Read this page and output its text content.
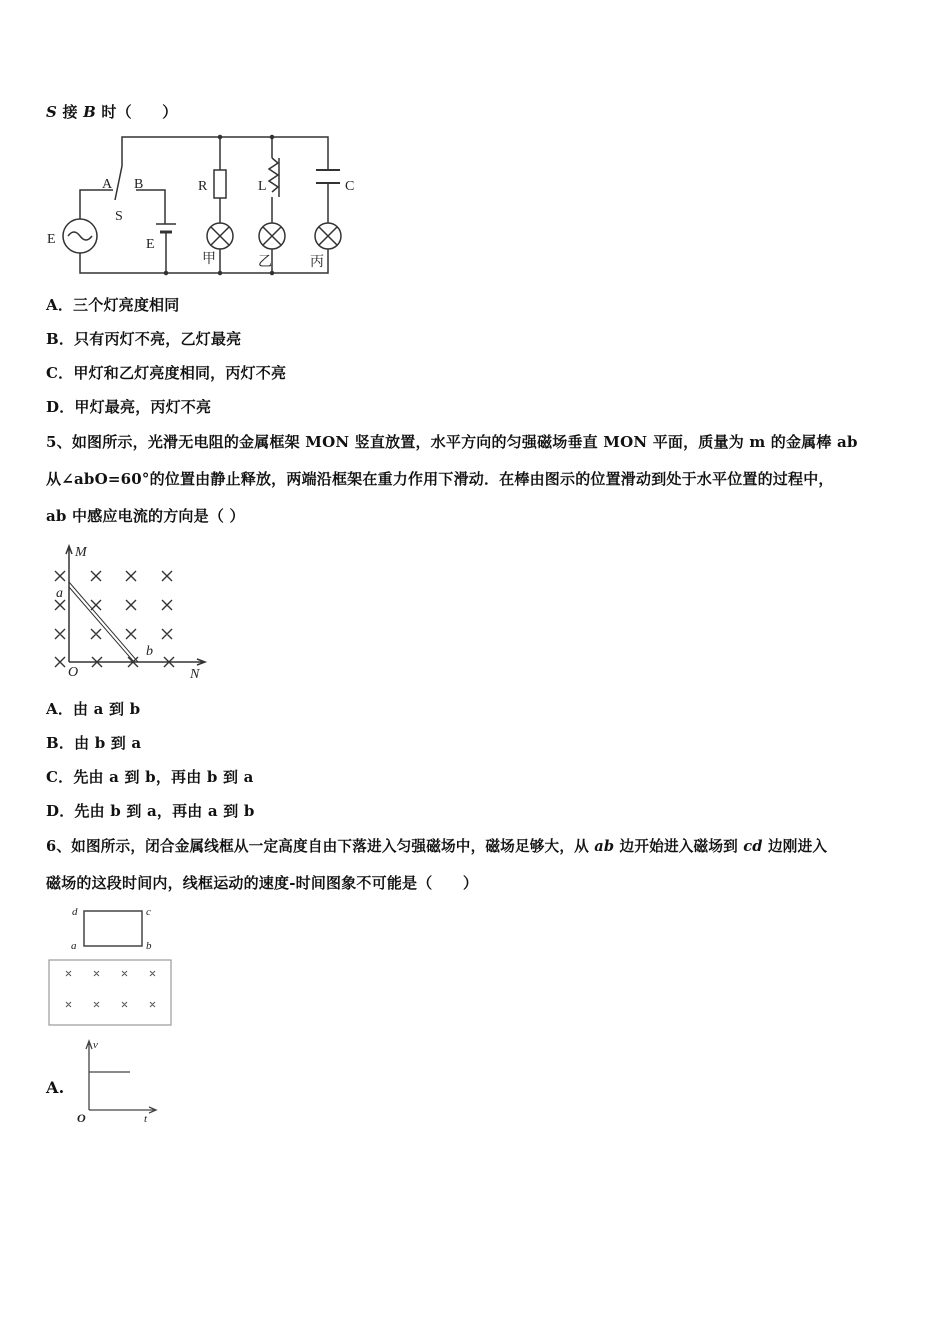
S 接 B 时（　　）
A B
S
E	E
R	L	C
甲	乙	丙
M
N
O
a
b
d	c
a	b
v
t
O
A．三个灯亮度相同
B．只有丙灯不亮，乙灯最亮
C．甲灯和乙灯亮度相同，丙灯不亮
D．甲灯最亮，丙灯不亮
5、如图所示，光滑无电阻的金属框架 MON 竖直放置，水平方向的匀强磁场垂直 MON 平面，质量为 m 的金属棒 ab
从∠abO=60°的位置由静止释放，两端沿框架在重力作用下滑动．在棒由图示的位置滑动到处于水平位置的过程中，
ab 中感应电流的方向是（ ）
A．由 a 到 b
B．由 b 到 a
C．先由 a 到 b，再由 b 到 a
D．先由 b 到 a，再由 a 到 b
6、如图所示，闭合金属线框从一定高度自由下落进入匀强磁场中，磁场足够大，从 ab 边开始进入磁场到 cd 边刚进入
磁场的这段时间内，线框运动的速度-时间图象不可能是（　　）
A.
